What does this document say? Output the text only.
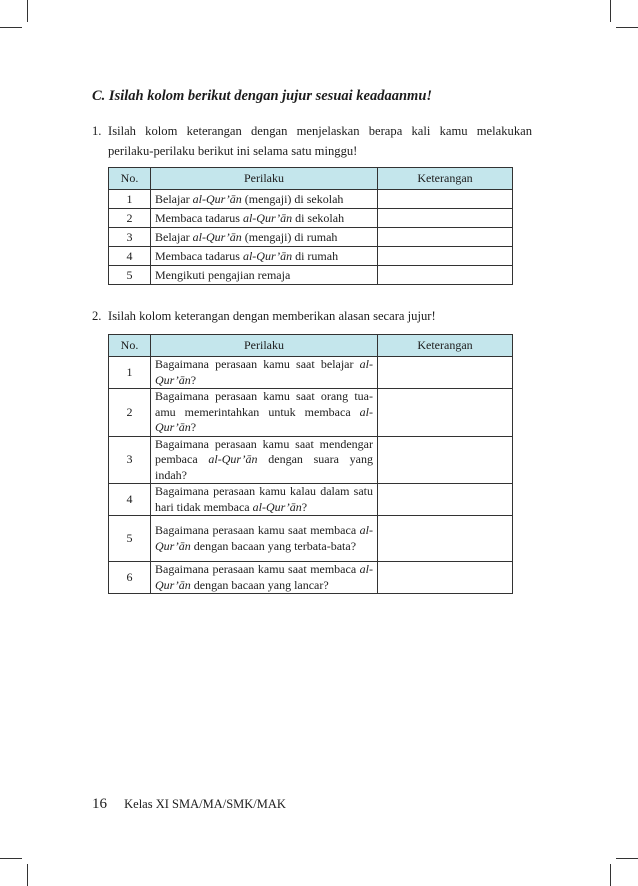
C. Isilah kolom berikut dengan jujur sesuai keadaanmu!
1. Isilah kolom keterangan dengan menjelaskan berapa kali kamu melakukan perilaku-perilaku berikut ini selama satu minggu!
No.	Perilaku	Keterangan
1	Belajar al-Qur’ān (mengaji) di sekolah	
2	Membaca tadarus al-Qur’ān di sekolah	
3	Belajar al-Qur’ān (mengaji) di rumah	
4	Membaca tadarus al-Qur’ān di rumah	
5	Mengikuti pengajian remaja	
2. Isilah kolom keterangan dengan memberikan alasan secara jujur!
No.	Perilaku	Keterangan
1	Bagaimana perasaan kamu saat belajar al-Qur’ān?	
2	Bagaimana perasaan kamu saat orang tua-amu memerintahkan untuk membaca al-Qur’ān?	
3	Bagaimana perasaan kamu saat mendengar pembaca al-Qur’ān dengan suara yang indah?	
4	Bagaimana perasaan kamu kalau dalam satu hari tidak membaca al-Qur’ān?	
5	Bagaimana perasaan kamu saat membaca al-Qur’ān dengan bacaan yang terbata-bata?	
6	Bagaimana perasaan kamu saat membaca al-Qur’ān dengan bacaan yang lancar?	
16 Kelas XI SMA/MA/SMK/MAK
